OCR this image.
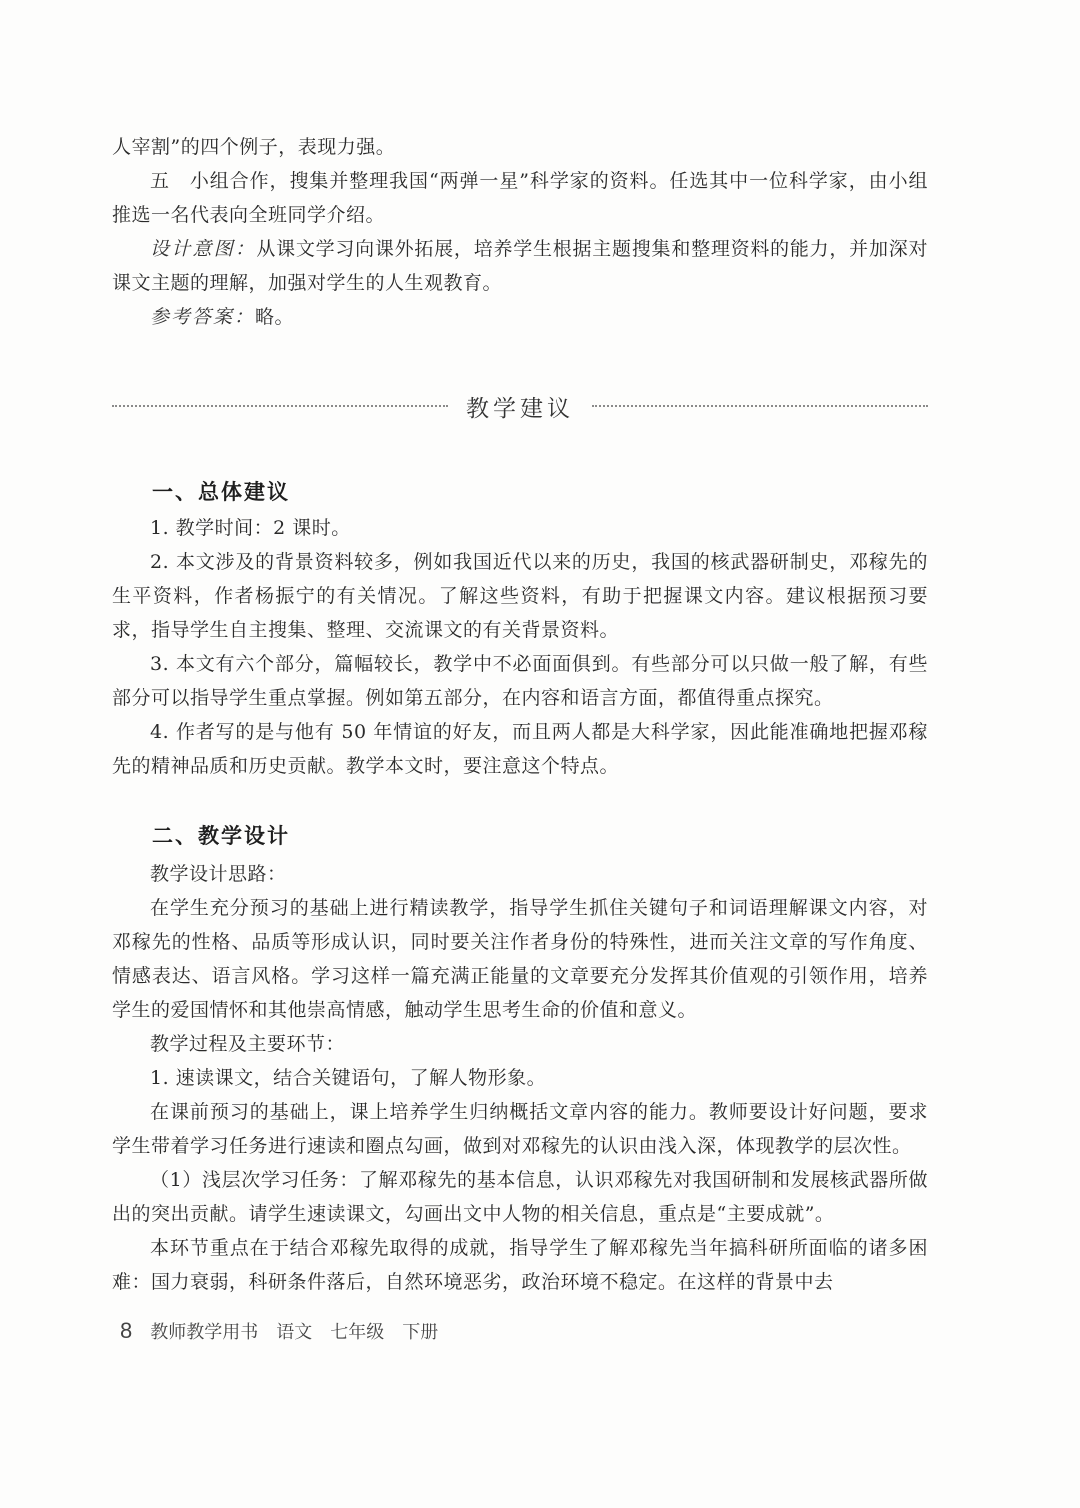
人宰割”的四个例子，表现力强。

五　小组合作，搜集并整理我国“两弹一星”科学家的资料。任选其中一位科学家，由小组推选一名代表向全班同学介绍。

设计意图：从课文学习向课外拓展，培养学生根据主题搜集和整理资料的能力，并加深对课文主题的理解，加强对学生的人生观教育。

参考答案：略。

教学建议
一、总体建议

1. 教学时间：2 课时。

2. 本文涉及的背景资料较多，例如我国近代以来的历史，我国的核武器研制史，邓稼先的生平资料，作者杨振宁的有关情况。了解这些资料，有助于把握课文内容。建议根据预习要求，指导学生自主搜集、整理、交流课文的有关背景资料。

3. 本文有六个部分，篇幅较长，教学中不必面面俱到。有些部分可以只做一般了解，有些部分可以指导学生重点掌握。例如第五部分，在内容和语言方面，都值得重点探究。

4. 作者写的是与他有 50 年情谊的好友，而且两人都是大科学家，因此能准确地把握邓稼先的精神品质和历史贡献。教学本文时，要注意这个特点。

二、教学设计

教学设计思路：

在学生充分预习的基础上进行精读教学，指导学生抓住关键句子和词语理解课文内容，对邓稼先的性格、品质等形成认识，同时要关注作者身份的特殊性，进而关注文章的写作角度、情感表达、语言风格。学习这样一篇充满正能量的文章要充分发挥其价值观的引领作用，培养学生的爱国情怀和其他崇高情感，触动学生思考生命的价值和意义。

教学过程及主要环节：

1. 速读课文，结合关键语句，了解人物形象。

在课前预习的基础上，课上培养学生归纳概括文章内容的能力。教师要设计好问题，要求学生带着学习任务进行速读和圈点勾画，做到对邓稼先的认识由浅入深，体现教学的层次性。

（1）浅层次学习任务：了解邓稼先的基本信息，认识邓稼先对我国研制和发展核武器所做出的突出贡献。请学生速读课文，勾画出文中人物的相关信息，重点是“主要成就”。

本环节重点在于结合邓稼先取得的成就，指导学生了解邓稼先当年搞科研所面临的诸多困难：国力衰弱，科研条件落后，自然环境恶劣，政治环境不稳定。在这样的背景中去

8 教师教学用书　语文　七年级　下册
